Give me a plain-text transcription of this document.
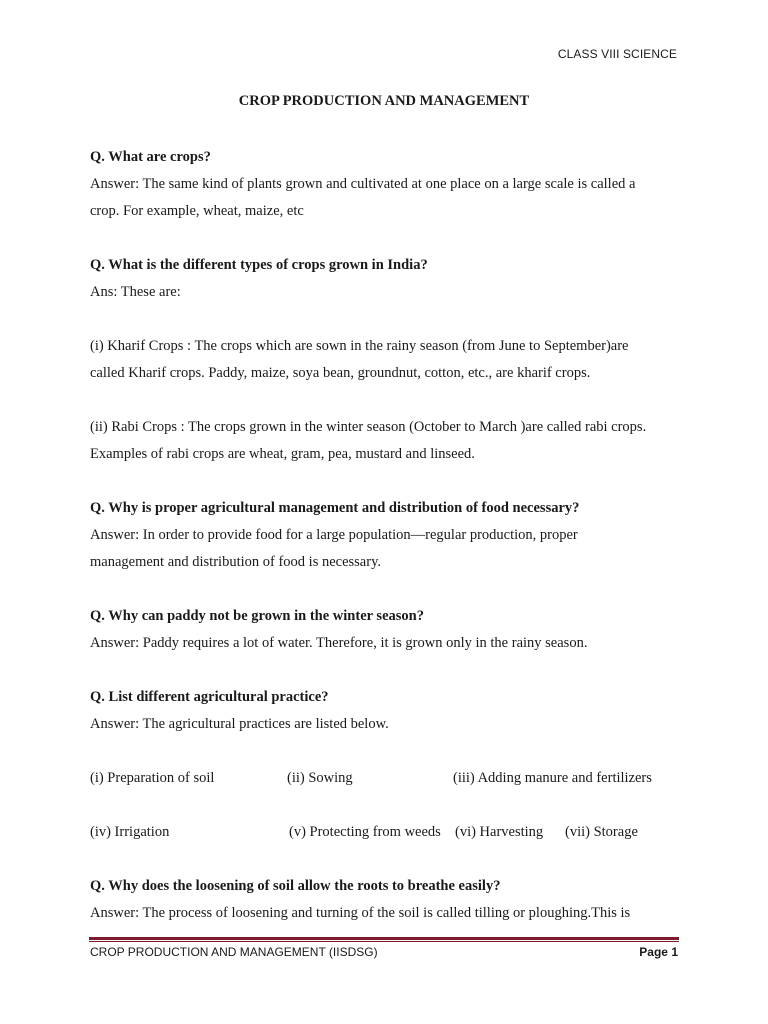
CLASS VIII SCIENCE
CROP PRODUCTION AND MANAGEMENT

Q. What are crops?

Answer: The same kind of plants grown and cultivated at one place on a large scale is called a

crop. For example, wheat, maize, etc

Q. What is the different types of crops grown in India?

Ans: These are:

(i) Kharif Crops : The crops which are sown in the rainy season (from June to September)are

called Kharif crops. Paddy, maize, soya bean, groundnut, cotton, etc., are kharif crops.

(ii) Rabi Crops : The crops grown in the winter season (October to March )are called rabi crops.

Examples of rabi crops are wheat, gram, pea, mustard and linseed.

Q. Why is proper agricultural management and distribution of food necessary?

Answer: In order to provide food for a large population—regular production, proper

management and distribution of food is necessary.

Q. Why can paddy not be grown in the winter season?

Answer: Paddy requires a lot of water. Therefore, it is grown only in the rainy season.

Q. List different agricultural practice?

Answer: The agricultural practices are listed below.

(i) Preparation of soil	(ii) Sowing	(iii) Adding manure and fertilizers
(iv) Irrigation	(v) Protecting from weeds (vi) Harvesting (vii) Storage

Q. Why does the loosening of soil allow the roots to breathe easily?

Answer: The process of loosening and turning of the soil is called tilling or ploughing.This is

CROP PRODUCTION AND MANAGEMENT (IISDSG)	Page 1
